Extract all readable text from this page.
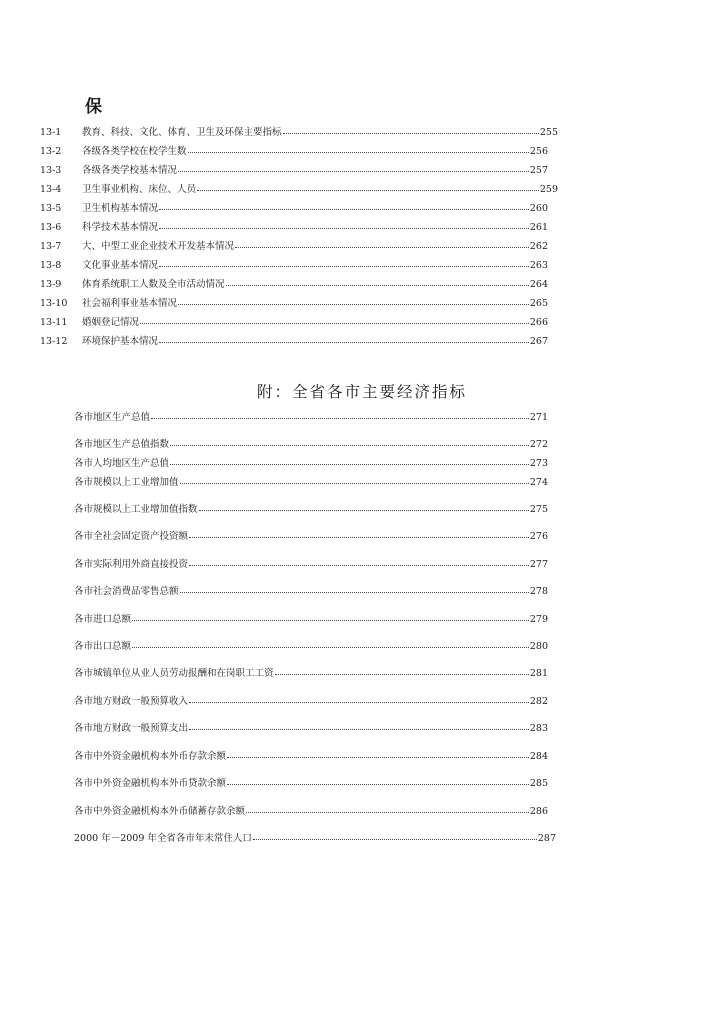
保
13-1	教育、科技、文化、体育、卫生及环保主要指标	255
13-2	各级各类学校在校学生数	256
13-3	各级各类学校基本情况	257
13-4	卫生事业机构、床位、人员	259
13-5	卫生机构基本情况	260
13-6	科学技术基本情况	261
13-7	大、中型工业企业技术开发基本情况	262
13-8	文化事业基本情况	263
13-9	体育系统职工人数及全市活动情况	264
13-10	社会福利事业基本情况	265
13-11	婚姻登记情况	266
13-12	环境保护基本情况	267
附：全省各市主要经济指标
各市地区生产总值	271
各市地区生产总值指数	272
各市人均地区生产总值	273
各市规模以上工业增加值	274
各市规模以上工业增加值指数	275
各市全社会固定资产投资额	276
各市实际利用外商直接投资	277
各市社会消费品零售总额	278
各市进口总额	279
各市出口总额	280
各市城镇单位从业人员劳动报酬和在岗职工工资	281
各市地方财政一般预算收入	282
各市地方财政一般预算支出	283
各市中外资金融机构本外币存款余额	284
各市中外资金融机构本外币贷款余额	285
各市中外资金融机构本外币储蓄存款余额	286
2000 年－2009 年全省各市年末常住人口	287
